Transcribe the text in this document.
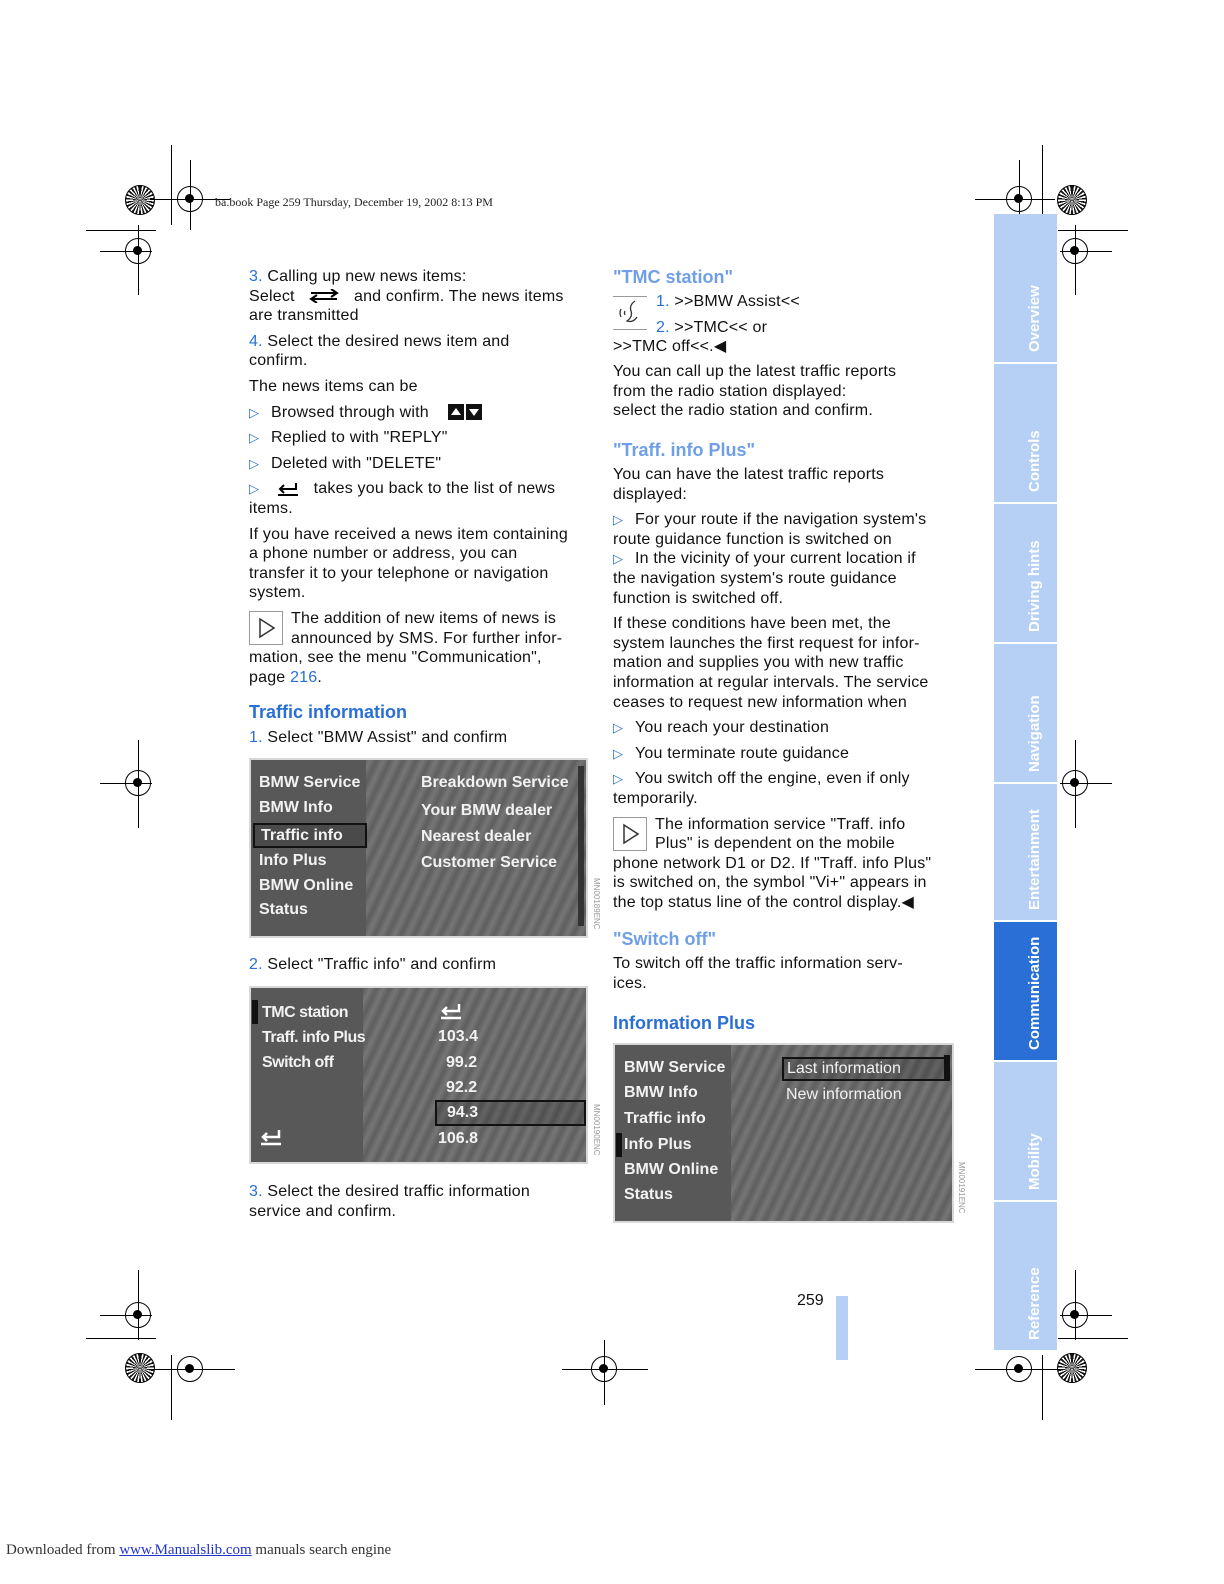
ba.book Page 259 Thursday, December 19, 2002 8:13 PM

3. Calling up new news items:

Select	and confirm. The news items

are transmitted

4. Select the desired news item and
confirm.

The news items can be

▷ Browsed through with

▷ Replied to with "REPLY"

▷ Deleted with "DELETE"

▷	takes you back to the list of news
items.

If you have received a news item containing
a phone number or address, you can
transfer it to your telephone or navigation
system.

The addition of new items of news is

announced by SMS. For further infor-

mation, see the menu "Communication",

page 216.

Traffic information

1. Select "BMW Assist" and confirm

BMW Service
BMW Info
Traffic info
Info Plus
BMW Online
Status
Breakdown Service
Your BMW dealer
Nearest dealer
Customer Service
MN00189ENC

2. Select "Traffic info" and confirm

TMC station
Traff. info Plus
Switch off
103.4
99.2
92.2
94.3
106.8	MN00190ENC

3. Select the desired traffic information
service and confirm.

"TMC station"

1. >>BMW Assist<<

2. >>TMC<< or

>>TMC off<<.◀

You can call up the latest traffic reports
from the radio station displayed:
select the radio station and confirm.

"Traff. info Plus"

You can have the latest traffic reports
displayed:

▷ For your route if the navigation system's
route guidance function is switched on

▷ In the vicinity of your current location if
the navigation system's route guidance
function is switched off.

If these conditions have been met, the
system launches the first request for infor-
mation and supplies you with new traffic
information at regular intervals. The service
ceases to request new information when

▷ You reach your destination

▷ You terminate route guidance

▷ You switch off the engine, even if only
temporarily.

The information service "Traff. info

Plus" is dependent on the mobile

phone network D1 or D2. If "Traff. info Plus"

is switched on, the symbol "Vi+" appears in

the top status line of the control display.◀

"Switch off"

To switch off the traffic information serv-
ices.

Information Plus
BMW Service
BMW Info
Traffic info
Info Plus
BMW Online
Status
Last information
New information
MN00191ENC
Overview
Controls
Driving hints
Navigation
Entertainment
Communication
Mobility
Reference
259
Downloaded from www.Manualslib.com manuals search engine
